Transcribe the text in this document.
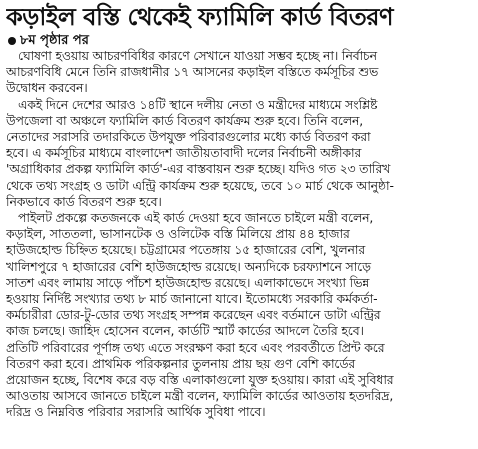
কড়াইল বস্তি থেকেই ফ্যামিলি কার্ড বিতরণ
৮ম পৃষ্ঠার পর

ঘোষণা হওয়ায় আচরণবিধির কারণে সেখানে যাওয়া সম্ভব হচ্ছে না। নির্বাচন
আচরণবিধি মেনে তিনি রাজধানীর ১৭ আসনের কড়াইল বস্তিতে কর্মসূচির শুভ
উদ্বোধন করবেন।

একই দিনে দেশের আরও ১৪টি স্থানে দলীয় নেতা ও মন্ত্রীদের মাধ্যমে সংশ্লিষ্ট
উপজেলা বা অঞ্চলে ফ্যামিলি কার্ড বিতরণ কার্যক্রম শুরু হবে। তিনি বলেন,
নেতাদের সরাসরি তদারকিতে উপযুক্ত পরিবারগুলোর মধ্যে কার্ড বিতরণ করা
হবে। এ কর্মসূচির মাধ্যমে বাংলাদেশ জাতীয়তাবাদী দলের নির্বাচনী অঙ্গীকার
'অগ্রাধিকার প্রকল্প ফ্যামিলি কার্ড'-এর বাস্তবায়ন শুরু হচ্ছে। যদিও গত ২৩ তারিখ
থেকে তথ্য সংগ্রহ ও ডাটা এন্ট্রি কার্যক্রম শুরু হয়েছে, তবে ১০ মার্চ থেকে আনুষ্ঠা-
নিকভাবে কার্ড বিতরণ শুরু হবে।

পাইলট প্রকল্পে কতজনকে এই কার্ড দেওয়া হবে জানতে চাইলে মন্ত্রী বলেন,
কড়াইল, সাততলা, ভাসানটেক ও ওলিটেক বস্তি মিলিয়ে প্রায় ৪৪ হাজার
হাউজহোল্ড চিহ্নিত হয়েছে। চট্টগ্রামের পতেঙ্গায় ১৫ হাজারের বেশি, খুলনার
খালিশপুরে ৭ হাজারের বেশি হাউজহোল্ড রয়েছে। অন্যদিকে চরফ্যাশনে সাড়ে
সাতশ এবং লামায় সাড়ে পাঁচশ হাউজহোল্ড রয়েছে। এলাকাভেদে সংখ্যা ভিন্ন
হওয়ায় নির্দিষ্ট সংখ্যার তথ্য ৮ মার্চ জানানো যাবে। ইতোমধ্যে সরকারি কর্মকর্তা-
কর্মচারীরা ডোর-টু-ডোর তথ্য সংগ্রহ সম্পন্ন করেছেন এবং বর্তমানে ডাটা এন্ট্রির
কাজ চলছে। জাহিদ হোসেন বলেন, কার্ডটি স্মার্ট কার্ডের আদলে তৈরি হবে।
প্রতিটি পরিবারের পূর্ণাঙ্গ তথ্য এতে সংরক্ষণ করা হবে এবং পরবর্তীতে প্রিন্ট করে
বিতরণ করা হবে। প্রাথমিক পরিকল্পনার তুলনায় প্রায় ছয় গুণ বেশি কার্ডের
প্রয়োজন হচ্ছে, বিশেষ করে বড় বস্তি এলাকাগুলো যুক্ত হওয়ায়। কারা এই সুবিধার
আওতায় আসবে জানতে চাইলে মন্ত্রী বলেন, ফ্যামিলি কার্ডের আওতায় হতদরিদ্র,
দরিদ্র ও নিম্নবিত্ত পরিবার সরাসরি আর্থিক সুবিধা পাবে।
